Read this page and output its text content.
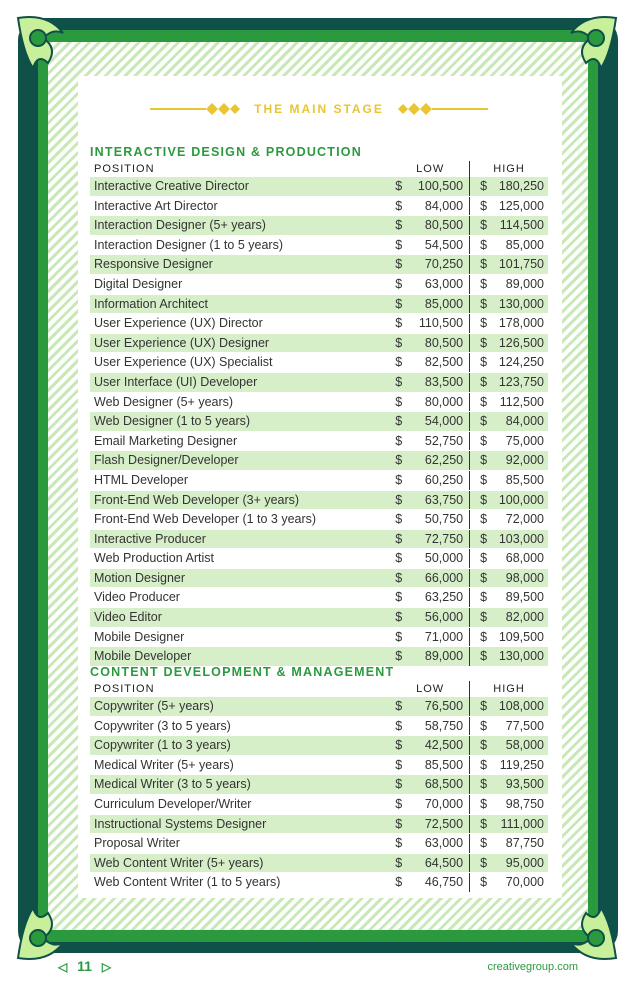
THE MAIN STAGE
INTERACTIVE DESIGN & PRODUCTION
POSITION	LOW	HIGH
Interactive Creative Director	$ 100,500	$ 180,250

Interactive Art Director	$ 84,000	$ 125,000

Interaction Designer (5+ years)	$ 80,500	$ 114,500

Interaction Designer (1 to 5 years)	$ 54,500	$ 85,000

Responsive Designer	$ 70,250	$ 101,750

Digital Designer	$ 63,000	$ 89,000

Information Architect	$ 85,000	$ 130,000

User Experience (UX) Director	$ 110,500	$ 178,000

User Experience (UX) Designer	$ 80,500	$ 126,500

User Experience (UX) Specialist	$ 82,500	$ 124,250

User Interface (UI) Developer	$ 83,500	$ 123,750

Web Designer (5+ years)	$ 80,000	$ 112,500

Web Designer (1 to 5 years)	$ 54,000	$ 84,000

Email Marketing Designer	$ 52,750	$ 75,000

Flash Designer/Developer	$ 62,250	$ 92,000

HTML Developer	$ 60,250	$ 85,500

Front-End Web Developer (3+ years)	$ 63,750	$ 100,000

Front-End Web Developer (1 to 3 years)	$ 50,750	$ 72,000

Interactive Producer	$ 72,750	$ 103,000

Web Production Artist	$ 50,000	$ 68,000

Motion Designer	$ 66,000	$ 98,000

Video Producer	$ 63,250	$ 89,500

Video Editor	$ 56,000	$ 82,000

Mobile Designer	$ 71,000	$ 109,500

Mobile Developer	$ 89,000	$ 130,000
CONTENT DEVELOPMENT & MANAGEMENT
POSITION	LOW	HIGH
Copywriter (5+ years)	$ 76,500	$ 108,000

Copywriter (3 to 5 years)	$ 58,750	$ 77,500

Copywriter (1 to 3 years)	$ 42,500	$ 58,000

Medical Writer (5+ years)	$ 85,500	$ 119,250

Medical Writer (3 to 5 years)	$ 68,500	$ 93,500

Curriculum Developer/Writer	$ 70,000	$ 98,750

Instructional Systems Designer	$ 72,500	$ 111,000

Proposal Writer	$ 63,000	$ 87,750

Web Content Writer (5+ years)	$ 64,500	$ 95,000

Web Content Writer (1 to 5 years)	$ 46,750	$ 70,000
◁ 11 ▷	creativegroup.com
